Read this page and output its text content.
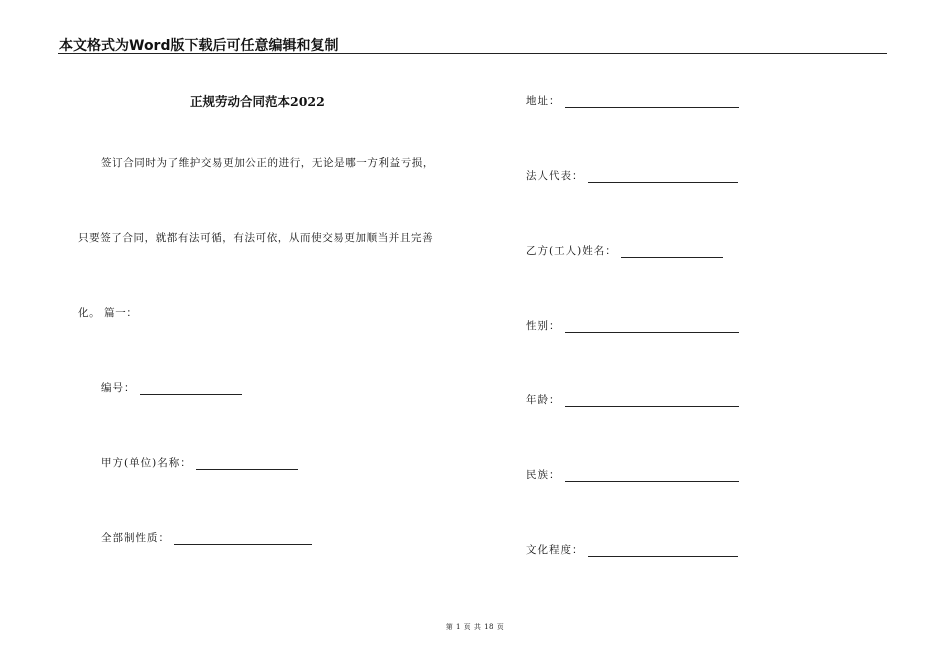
本文格式为Word版下载后可任意编辑和复制
正规劳动合同范本2022
签订合同时为了维护交易更加公正的进行，无论是哪一方利益亏损，
只要签了合同，就都有法可循，有法可依，从而使交易更加顺当并且完善
化。 篇一：
编号：
甲方(单位)名称：
全部制性质：
地址：
法人代表：
乙方(工人)姓名：
性别：
年龄：
民族：
文化程度：
第 1 页 共 18 页
